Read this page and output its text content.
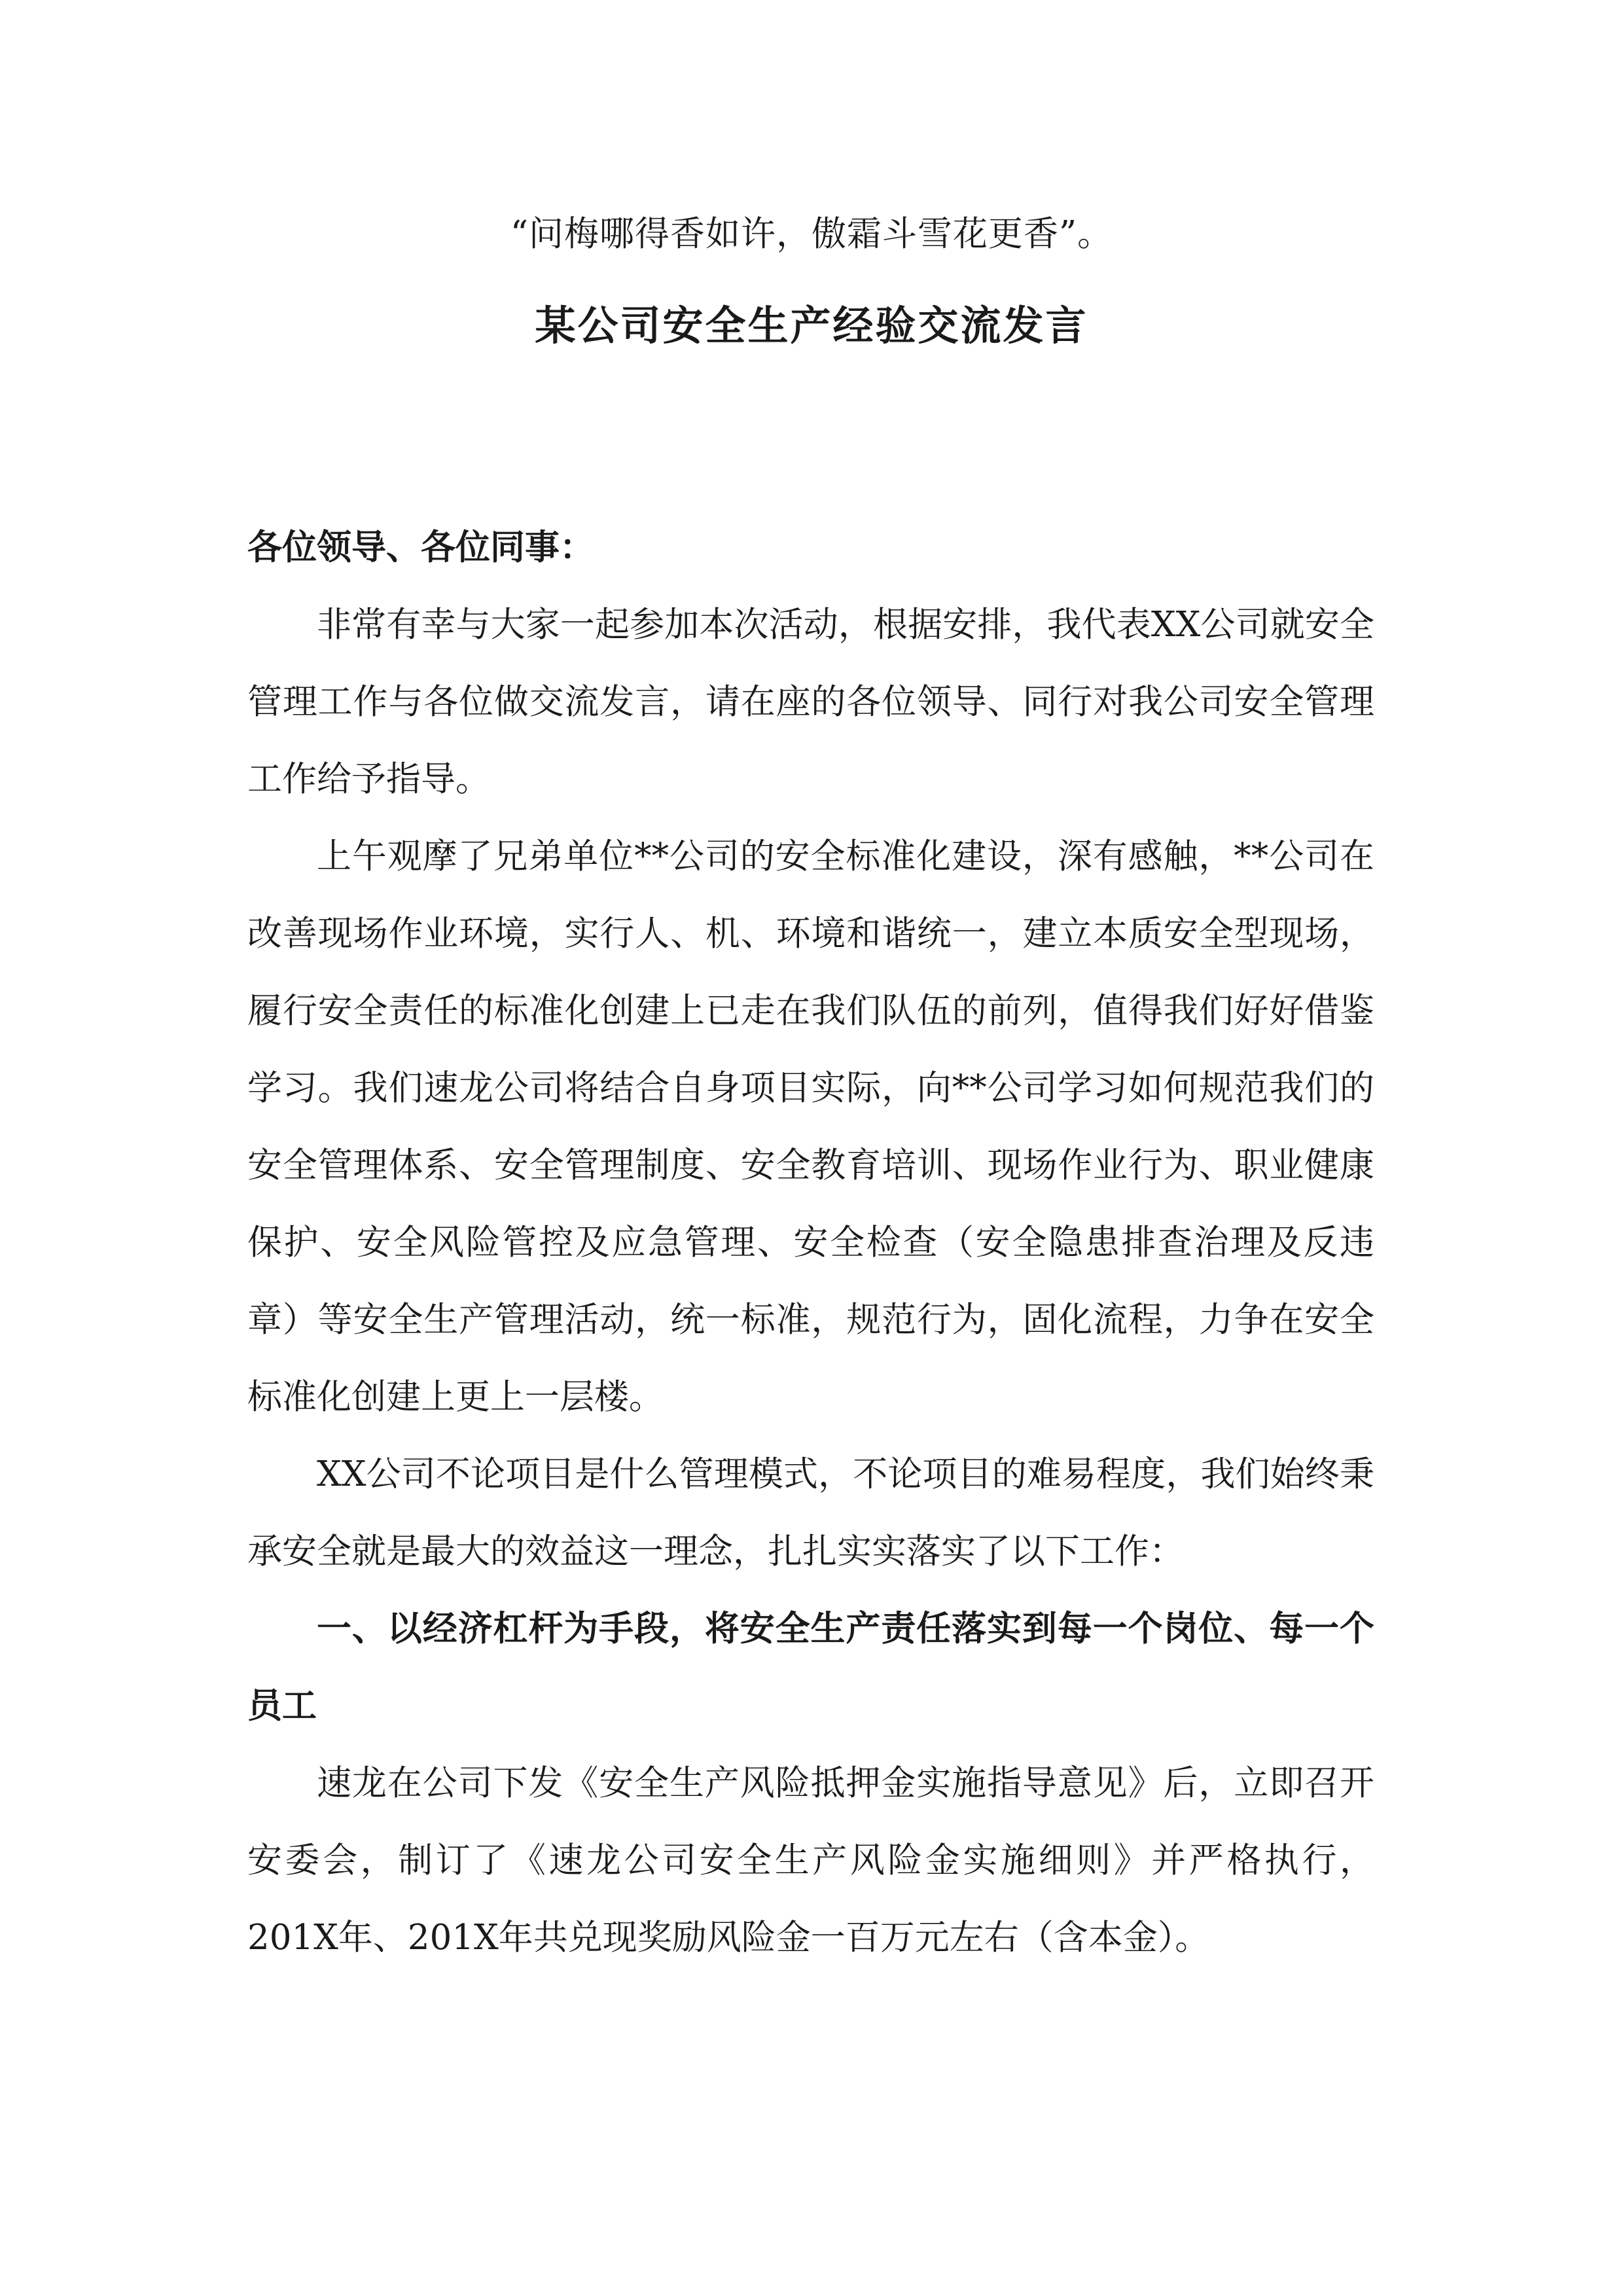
“问梅哪得香如许，傲霜斗雪花更香”。
某公司安全生产经验交流发言

各位领导、各位同事：

非常有幸与大家一起参加本次活动，根据安排，我代表XX公司就安全管理工作与各位做交流发言，请在座的各位领导、同行对我公司安全管理工作给予指导。

上午观摩了兄弟单位**公司的安全标准化建设，深有感触，**公司在改善现场作业环境，实行人、机、环境和谐统一，建立本质安全型现场，履行安全责任的标准化创建上已走在我们队伍的前列，值得我们好好借鉴学习。我们速龙公司将结合自身项目实际，向**公司学习如何规范我们的安全管理体系、安全管理制度、安全教育培训、现场作业行为、职业健康保护、安全风险管控及应急管理、安全检查（安全隐患排查治理及反违章）等安全生产管理活动，统一标准，规范行为，固化流程，力争在安全标准化创建上更上一层楼。

XX公司不论项目是什么管理模式，不论项目的难易程度，我们始终秉承安全就是最大的效益这一理念，扎扎实实落实了以下工作：

一、以经济杠杆为手段，将安全生产责任落实到每一个岗位、每一个员工

速龙在公司下发《安全生产风险抵押金实施指导意见》后，立即召开安委会，制订了《速龙公司安全生产风险金实施细则》并严格执行，201X年、201X年共兑现奖励风险金一百万元左右（含本金）。
